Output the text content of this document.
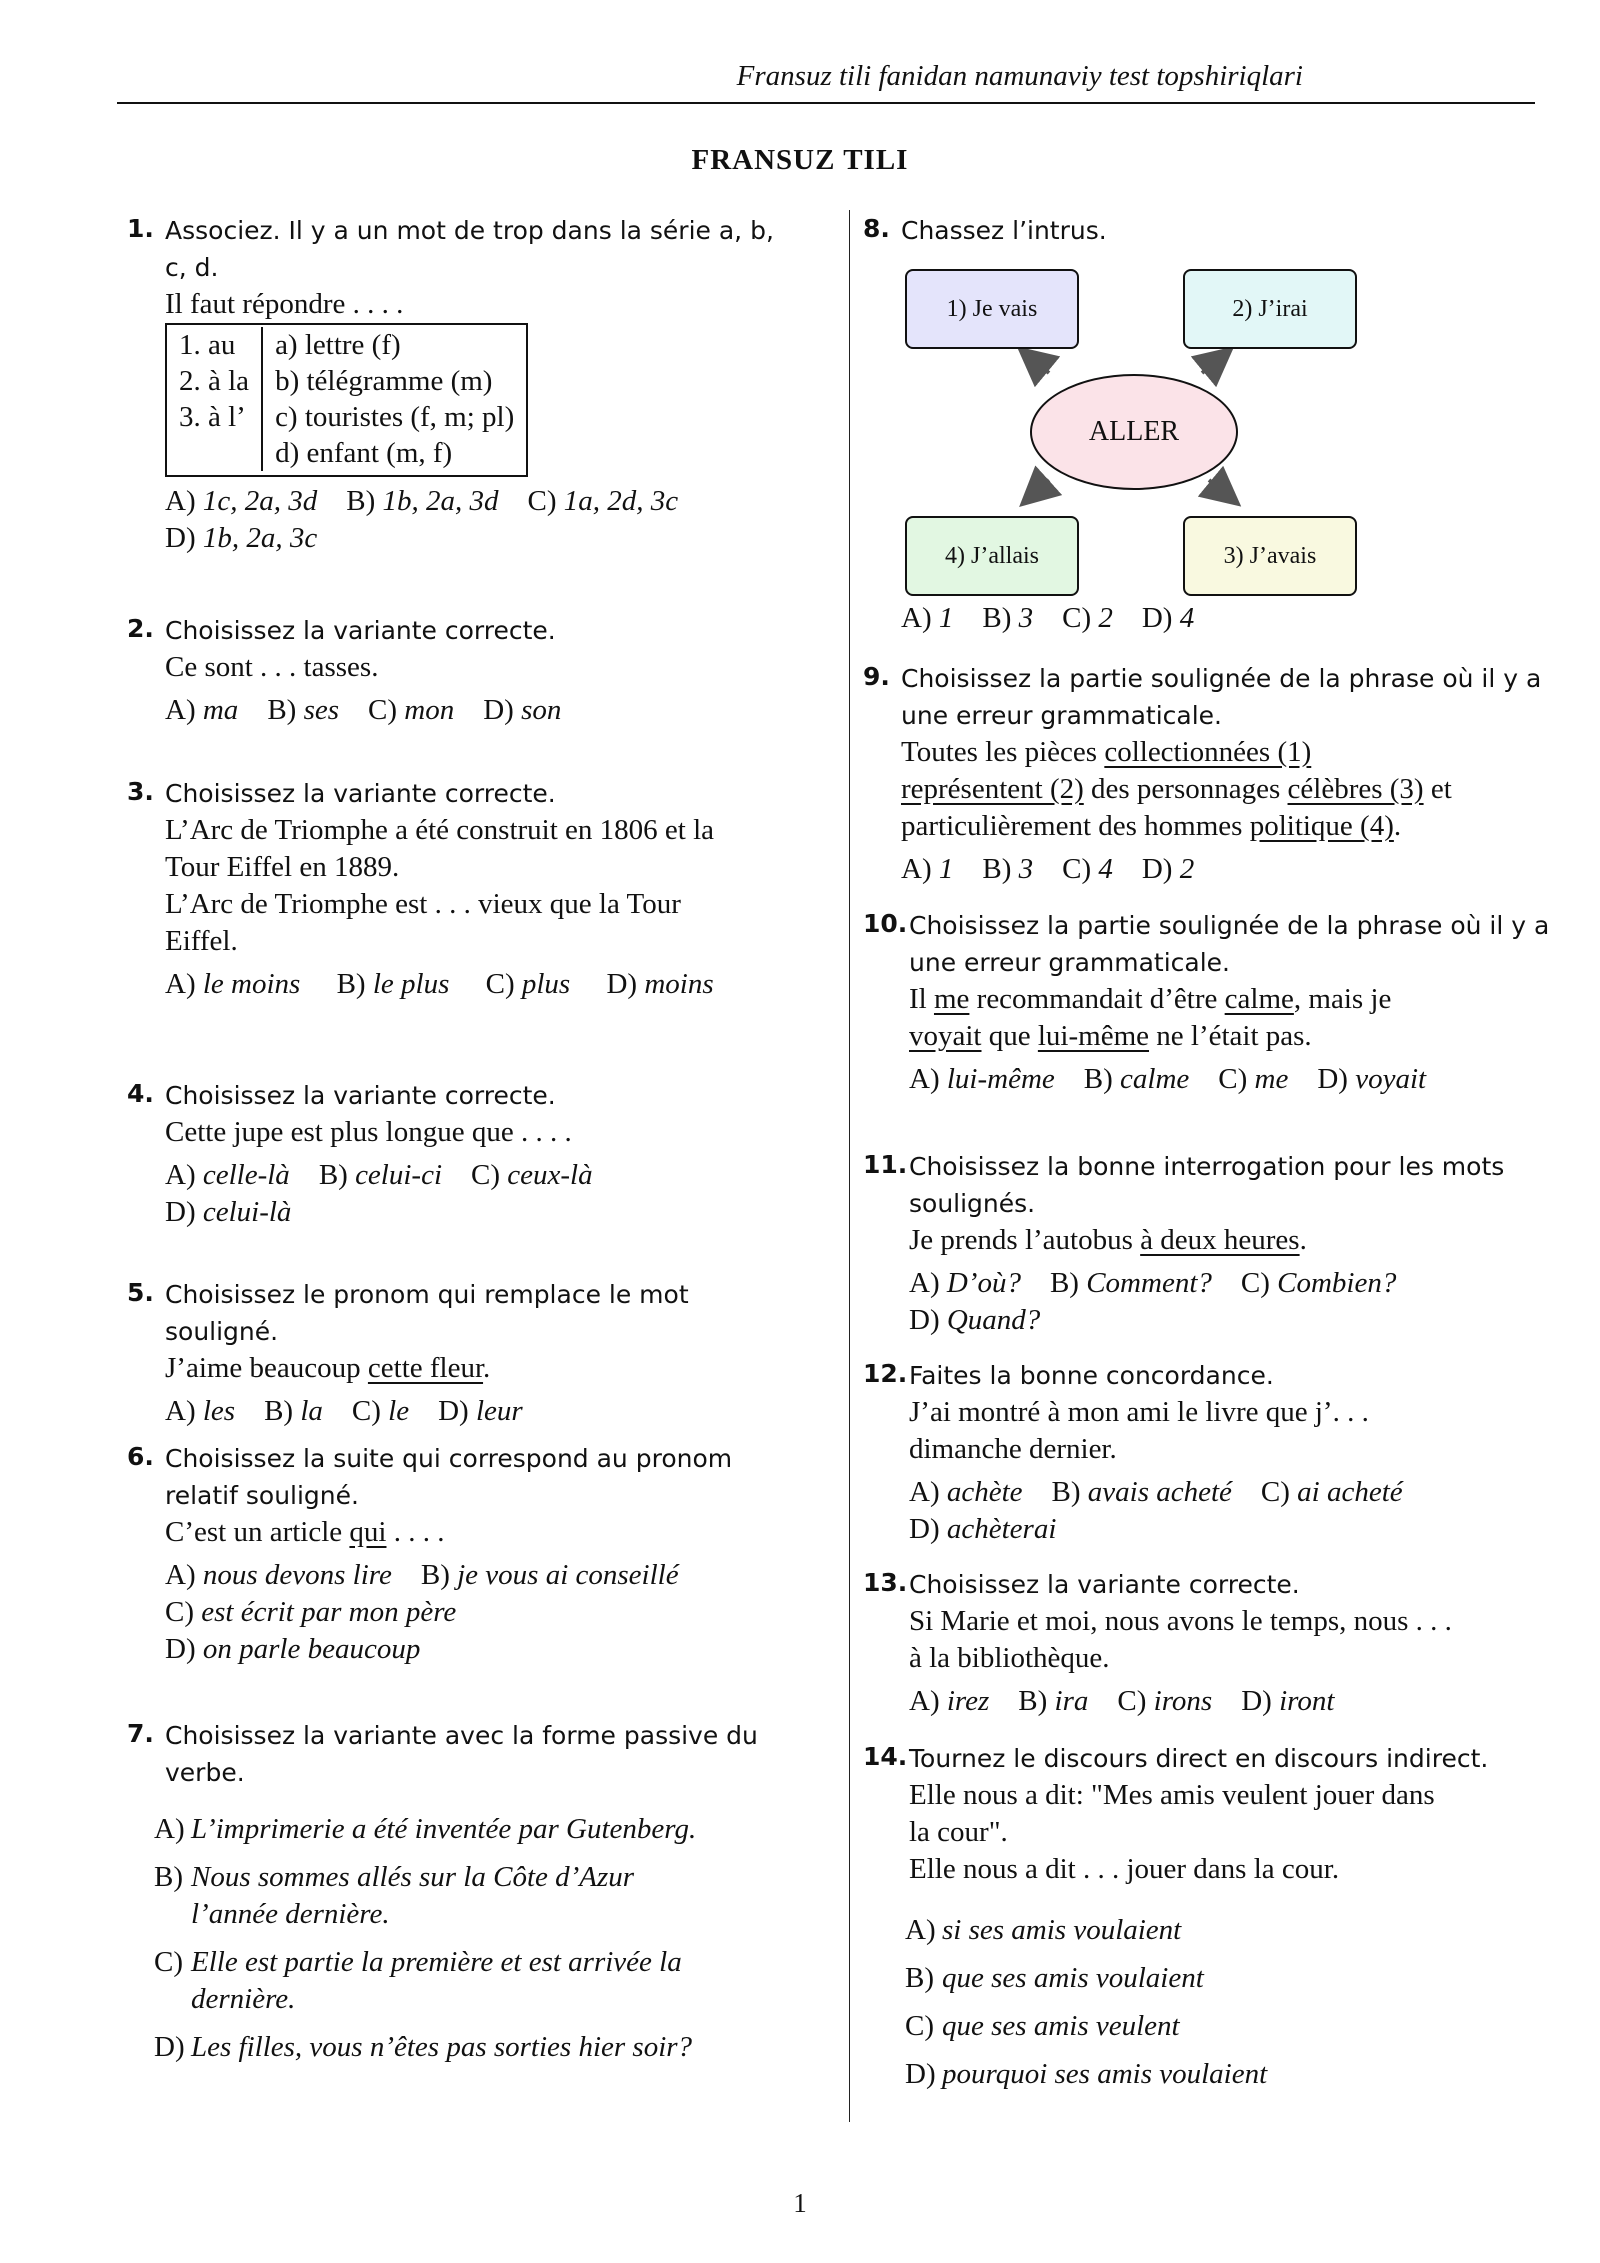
Fransuz tili fanidan namunaviy test topshiriqlari
FRANSUZ TILI
1. Associez. Il y a un mot de trop dans la série a, b,
c, d.
Il faut répondre . . . .
1. au	a) lettre (f)
2. à la	b) télégramme (m)
3. à l’	c) touristes (f, m; pl)
	d) enfant (m, f)
A) 1c, 2a, 3d B) 1b, 2a, 3d C) 1a, 2d, 3c
D) 1b, 2a, 3c
2. Choisissez la variante correcte.
Ce sont . . . tasses.
A) ma B) ses C) mon D) son
3. Choisissez la variante correcte.
L’Arc de Triomphe a été construit en 1806 et la
Tour Eiffel en 1889.
L’Arc de Triomphe est . . . vieux que la Tour
Eiffel.
A) le moins B) le plus C) plus D) moins
4. Choisissez la variante correcte.
Cette jupe est plus longue que . . . .
A) celle-là B) celui-ci C) ceux-là
D) celui-là
5. Choisissez le pronom qui remplace le mot souligné.
J’aime beaucoup cette fleur.
A) les B) la C) le D) leur
6. Choisissez la suite qui correspond au pronom
relatif souligné.
C’est un article qui . . . .
A) nous devons lire B) je vous ai conseillé
C) est écrit par mon père
D) on parle beaucoup
7. Choisissez la variante avec la forme passive du
verbe.
A) L’imprimerie a été inventée par Gutenberg.
B) Nous sommes allés sur la Côte d’Azur
l’année dernière.
C) Elle est partie la première et est arrivée la
dernière.
D) Les filles, vous n’êtes pas sorties hier soir?
8. Chassez l’intrus.
1) Je vais	2) J’irai
ALLER
4) J’allais	3) J’avais
A) 1 B) 3 C) 2 D) 4
9. Choisissez la partie soulignée de la phrase où il y a
une erreur grammaticale.
Toutes les pièces collectionnées (1)
représentent (2) des personnages célèbres (3) et
particulièrement des hommes politique (4).
A) 1 B) 3 C) 4 D) 2
10. Choisissez la partie soulignée de la phrase où il y a
une erreur grammaticale.
Il me recommandait d’être calme, mais je
voyait que lui-même ne l’était pas.
A) lui-même B) calme C) me D) voyait
11. Choisissez la bonne interrogation pour les mots
soulignés.
Je prends l’autobus à deux heures.
A) D’où? B) Comment? C) Combien?
D) Quand?
12. Faites la bonne concordance.
J’ai montré à mon ami le livre que j’. . .
dimanche dernier.
A) achète B) avais acheté C) ai acheté
D) achèterai
13. Choisissez la variante correcte.
Si Marie et moi, nous avons le temps, nous . . .
à la bibliothèque.
A) irez B) ira C) irons D) iront
14. Tournez le discours direct en discours indirect.
Elle nous a dit: "Mes amis veulent jouer dans
la cour".
Elle nous a dit . . . jouer dans la cour.
A) si ses amis voulaient
B) que ses amis voulaient
C) que ses amis veulent
D) pourquoi ses amis voulaient
1
